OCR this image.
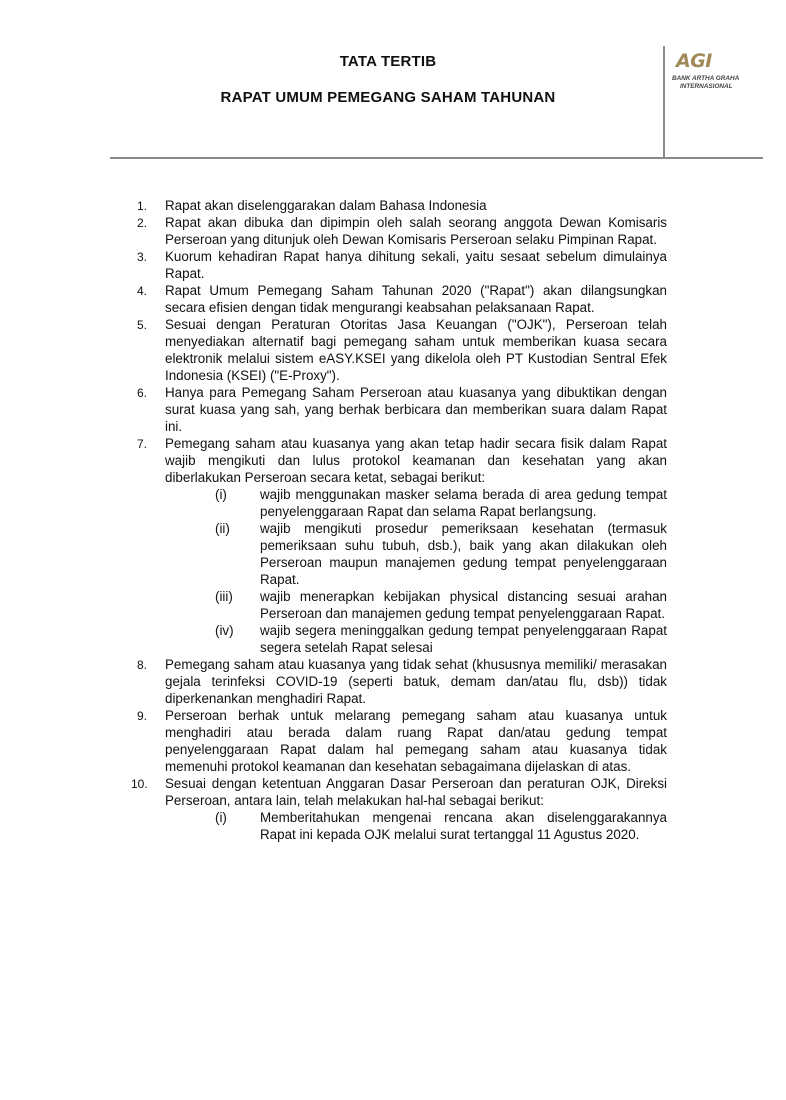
TATA TERTIB
RAPAT UMUM PEMEGANG SAHAM TAHUNAN
AGI
BANK ARTHA GRAHA
INTERNASIONAL
1. Rapat akan diselenggarakan dalam Bahasa Indonesia
2. Rapat akan dibuka dan dipimpin oleh salah seorang anggota Dewan Komisaris Perseroan yang ditunjuk oleh Dewan Komisaris Perseroan selaku Pimpinan Rapat.
3. Kuorum kehadiran Rapat hanya dihitung sekali, yaitu sesaat sebelum dimulainya Rapat.
4. Rapat Umum Pemegang Saham Tahunan 2020 ("Rapat") akan dilangsungkan secara efisien dengan tidak mengurangi keabsahan pelaksanaan Rapat.
5. Sesuai dengan Peraturan Otoritas Jasa Keuangan ("OJK"), Perseroan telah menyediakan alternatif bagi pemegang saham untuk memberikan kuasa secara elektronik melalui sistem eASY.KSEI yang dikelola oleh PT Kustodian Sentral Efek Indonesia (KSEI) ("E-Proxy").
6. Hanya para Pemegang Saham Perseroan atau kuasanya yang dibuktikan dengan surat kuasa yang sah, yang berhak berbicara dan memberikan suara dalam Rapat ini.
7. Pemegang saham atau kuasanya yang akan tetap hadir secara fisik dalam Rapat wajib mengikuti dan lulus protokol keamanan dan kesehatan yang akan diberlakukan Perseroan secara ketat, sebagai berikut:
(i) wajib menggunakan masker selama berada di area gedung tempat penyelenggaraan Rapat dan selama Rapat berlangsung.
(ii) wajib mengikuti prosedur pemeriksaan kesehatan (termasuk pemeriksaan suhu tubuh, dsb.), baik yang akan dilakukan oleh Perseroan maupun manajemen gedung tempat penyelenggaraan Rapat.
(iii) wajib menerapkan kebijakan physical distancing sesuai arahan Perseroan dan manajemen gedung tempat penyelenggaraan Rapat.
(iv) wajib segera meninggalkan gedung tempat penyelenggaraan Rapat segera setelah Rapat selesai
8. Pemegang saham atau kuasanya yang tidak sehat (khususnya memiliki/ merasakan gejala terinfeksi COVID-19 (seperti batuk, demam dan/atau flu, dsb)) tidak diperkenankan menghadiri Rapat.
9. Perseroan berhak untuk melarang pemegang saham atau kuasanya untuk menghadiri atau berada dalam ruang Rapat dan/atau gedung tempat penyelenggaraan Rapat dalam hal pemegang saham atau kuasanya tidak memenuhi protokol keamanan dan kesehatan sebagaimana dijelaskan di atas.
10. Sesuai dengan ketentuan Anggaran Dasar Perseroan dan peraturan OJK, Direksi Perseroan, antara lain, telah melakukan hal-hal sebagai berikut:
(i) Memberitahukan mengenai rencana akan diselenggarakannya Rapat ini kepada OJK melalui surat tertanggal 11 Agustus 2020.
